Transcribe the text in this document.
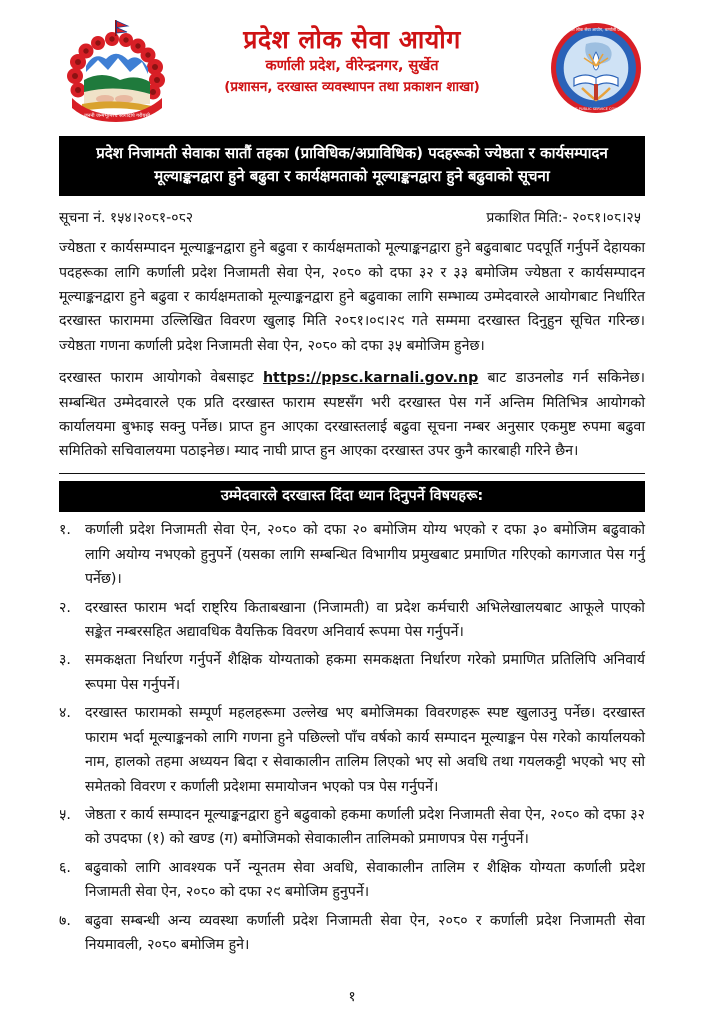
जननी जन्मभूमिश्च स्वर्गादपि गरीयसी
प्रदेश लोक सेवा आयोग, कर्णाली प्रदेश
PROVINCE PUBLIC SERVICE COMMISSION
प्रदेश लोक सेवा आयोग
कर्णाली प्रदेश, वीरेन्द्रनगर, सुर्खेत
(प्रशासन, दरखास्त व्यवस्थापन तथा प्रकाशन शाखा)
प्रदेश निजामती सेवाका सातौं तहका (प्राविधिक/अप्राविधिक) पदहरूको ज्येष्ठता र कार्यसम्पादन
मूल्याङ्कनद्वारा हुने बढुवा र कार्यक्षमताको मूल्याङ्कनद्वारा हुने बढुवाको सूचना
सूचना नं. १५४।२०८१-०८२	प्रकाशित मिति:- २०८१।०८।२५

ज्येष्ठता र कार्यसम्पादन मूल्याङ्कनद्वारा हुने बढुवा र कार्यक्षमताको मूल्याङ्कनद्वारा हुने बढुवाबाट पदपूर्ति गर्नुपर्ने देहायका पदहरूका लागि कर्णाली प्रदेश निजामती सेवा ऐन, २०८० को दफा ३२ र ३३ बमोजिम ज्येष्ठता र कार्यसम्पादन मूल्याङ्कनद्वारा हुने बढुवा र कार्यक्षमताको मूल्याङ्कनद्वारा हुने बढुवाका लागि सम्भाव्य उम्मेदवारले आयोगबाट निर्धारित दरखास्त फाराममा उल्लिखित विवरण खुलाइ मिति २०८१।०९।२९ गते सम्ममा दरखास्त दिनुहुन सूचित गरिन्छ। ज्येष्ठता गणना कर्णाली प्रदेश निजामती सेवा ऐन, २०८० को दफा ३५ बमोजिम हुनेछ।

दरखास्त फाराम आयोगको वेबसाइट https://ppsc.karnali.gov.np बाट डाउनलोड गर्न सकिनेछ। सम्बन्धित उम्मेदवारले एक प्रति दरखास्त फाराम स्पष्टसँग भरी दरखास्त पेस गर्ने अन्तिम मितिभित्र आयोगको कार्यालयमा बुझाइ सक्नु पर्नेछ। प्राप्त हुन आएका दरखास्तलाई बढुवा सूचना नम्बर अनुसार एकमुष्ट रुपमा बढुवा समितिको सचिवालयमा पठाइनेछ। म्याद नाघी प्राप्त हुन आएका दरखास्त उपर कुनै कारबाही गरिने छैन।

उम्मेदवारले दरखास्त दिंदा ध्यान दिनुपर्ने विषयहरू:
१. कर्णाली प्रदेश निजामती सेवा ऐन, २०८० को दफा २० बमोजिम योग्य भएको र दफा ३० बमोजिम बढुवाको लागि अयोग्य नभएको हुनुपर्ने (यसका लागि सम्बन्धित विभागीय प्रमुखबाट प्रमाणित गरिएको कागजात पेस गर्नु पर्नेछ)।
२. दरखास्त फाराम भर्दा राष्ट्रिय किताबखाना (निजामती) वा प्रदेश कर्मचारी अभिलेखालयबाट आफूले पाएको सङ्केत नम्बरसहित अद्यावधिक वैयक्तिक विवरण अनिवार्य रूपमा पेस गर्नुपर्ने।
३. समकक्षता निर्धारण गर्नुपर्ने शैक्षिक योग्यताको हकमा समकक्षता निर्धारण गरेको प्रमाणित प्रतिलिपि अनिवार्य रूपमा पेस गर्नुपर्ने।
४. दरखास्त फारामको सम्पूर्ण महलहरूमा उल्लेख भए बमोजिमका विवरणहरू स्पष्ट खुलाउनु पर्नेछ। दरखास्त फाराम भर्दा मूल्याङ्कनको लागि गणना हुने पछिल्लो पाँच वर्षको कार्य सम्पादन मूल्याङ्कन पेस गरेको कार्यालयको नाम, हालको तहमा अध्ययन बिदा र सेवाकालीन तालिम लिएको भए सो अवधि तथा गयलकट्टी भएको भए सो समेतको विवरण र कर्णाली प्रदेशमा समायोजन भएको पत्र पेस गर्नुपर्ने।
५. जेष्ठता र कार्य सम्पादन मूल्याङ्कनद्वारा हुने बढुवाको हकमा कर्णाली प्रदेश निजामती सेवा ऐन, २०८० को दफा ३२ को उपदफा (१) को खण्ड (ग) बमोजिमको सेवाकालीन तालिमको प्रमाणपत्र पेस गर्नुपर्ने।
६. बढुवाको लागि आवश्यक पर्ने न्यूनतम सेवा अवधि, सेवाकालीन तालिम र शैक्षिक योग्यता कर्णाली प्रदेश निजामती सेवा ऐन, २०८० को दफा २९ बमोजिम हुनुपर्ने।
७. बढुवा सम्बन्धी अन्य व्यवस्था कर्णाली प्रदेश निजामती सेवा ऐन, २०८० र कर्णाली प्रदेश निजामती सेवा नियमावली, २०८० बमोजिम हुने।
१
